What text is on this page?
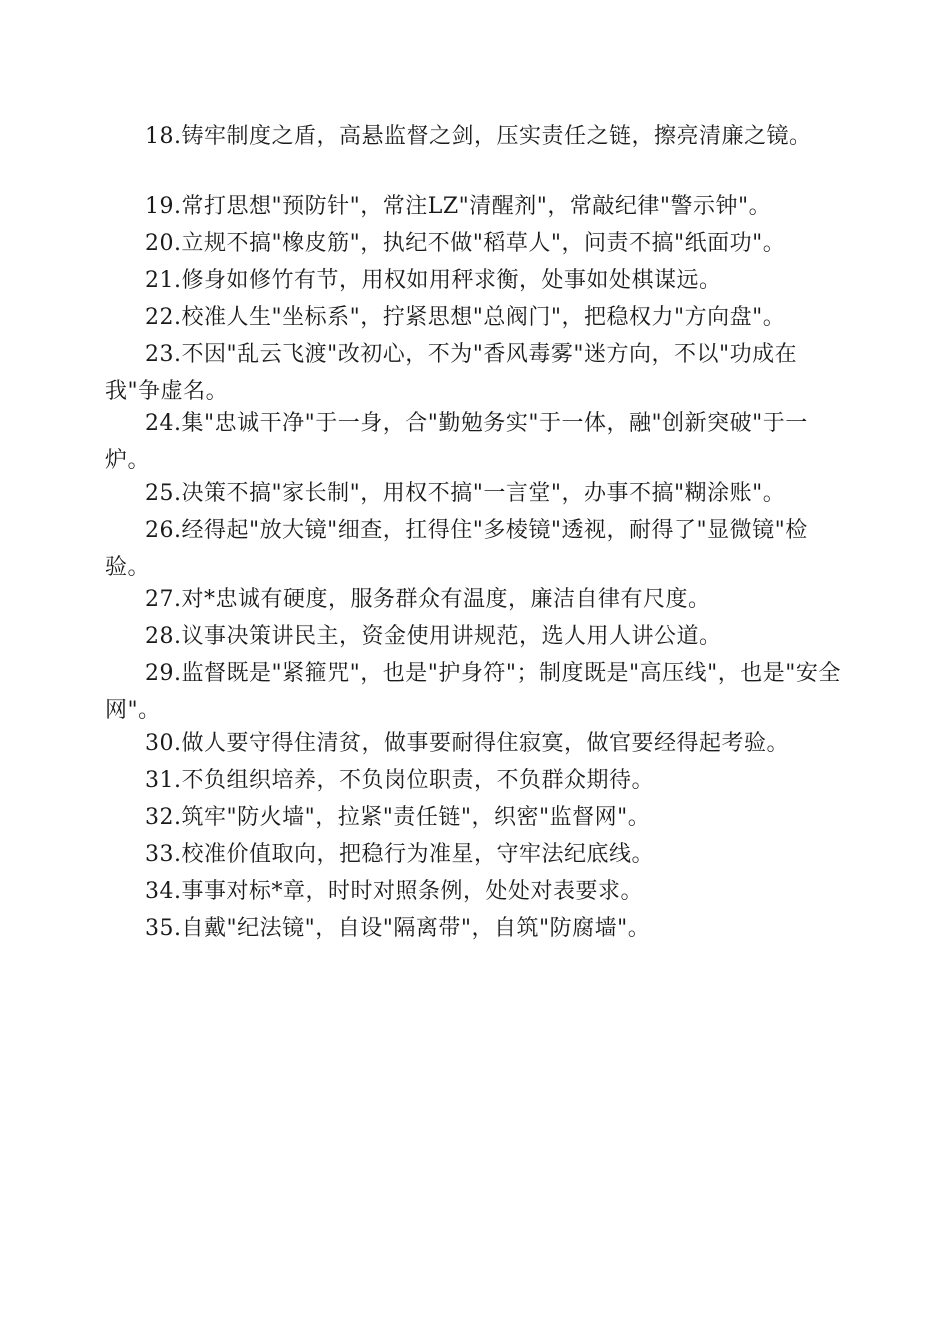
18.铸牢制度之盾，高悬监督之剑，压实责任之链，擦亮清廉之镜。

19.常打思想"预防针"，常注LZ"清醒剂"，常敲纪律"警示钟"。

20.立规不搞"橡皮筋"，执纪不做"稻草人"，问责不搞"纸面功"。

21.修身如修竹有节，用权如用秤求衡，处事如处棋谋远。

22.校准人生"坐标系"，拧紧思想"总阀门"，把稳权力"方向盘"。

23.不因"乱云飞渡"改初心，不为"香风毒雾"迷方向，不以"功成在我"争虚名。

24.集"忠诚干净"于一身，合"勤勉务实"于一体，融"创新突破"于一炉。

25.决策不搞"家长制"，用权不搞"一言堂"，办事不搞"糊涂账"。

26.经得起"放大镜"细查，扛得住"多棱镜"透视，耐得了"显微镜"检验。

27.对*忠诚有硬度，服务群众有温度，廉洁自律有尺度。

28.议事决策讲民主，资金使用讲规范，选人用人讲公道。

29.监督既是"紧箍咒"，也是"护身符"；制度既是"高压线"，也是"安全网"。

30.做人要守得住清贫，做事要耐得住寂寞，做官要经得起考验。

31.不负组织培养，不负岗位职责，不负群众期待。

32.筑牢"防火墙"，拉紧"责任链"，织密"监督网"。

33.校准价值取向，把稳行为准星，守牢法纪底线。

34.事事对标*章，时时对照条例，处处对表要求。

35.自戴"纪法镜"，自设"隔离带"，自筑"防腐墙"。
